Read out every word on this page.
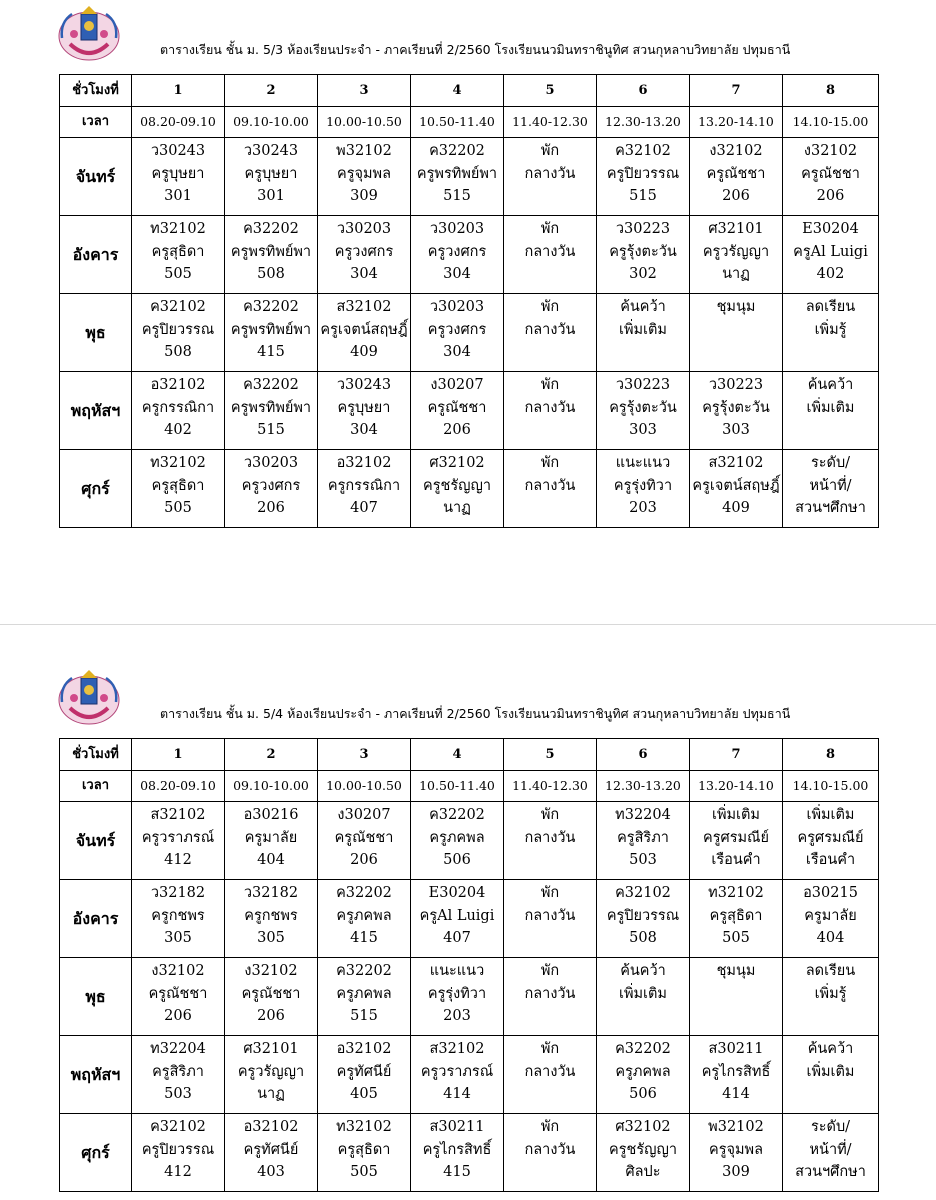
ตารางเรียน ชั้น ม. 5/3 ห้องเรียนประจำ - ภาคเรียนที่ 2/2560 โรงเรียนนวมินทราชินูทิศ สวนกุหลาบวิทยาลัย ปทุมธานี
ชั่วโมงที่	1	2	3	4	5	6	7	8
เวลา	08.20-09.10	09.10-10.00	10.00-10.50	10.50-11.40	11.40-12.30	12.30-13.20	13.20-14.10	14.10-15.00
จันทร์	ว30243
ครูบุษยา
301	ว30243
ครูบุษยา
301	พ32102
ครูจุมพล
309	ค32202
ครูพรทิพย์พา
515	พัก
กลางวัน	ค32102
ครูปิยวรรณ
515	ง32102
ครูณัชชา
206	ง32102
ครูณัชชา
206

อังคาร	ท32102
ครูสุธิดา
505	ค32202
ครูพรทิพย์พา
508	ว30203
ครูวงศกร
304	ว30203
ครูวงศกร
304	พัก
กลางวัน	ว30223
ครูรุ้งตะวัน
302	ศ32101
ครูวรัญญา
นาฏ	E30204
ครูAl Luigi
402

พุธ	ค32102
ครูปิยวรรณ
508	ค32202
ครูพรทิพย์พา
415	ส32102
ครูเจตน์สฤษฎิ์
409	ว30203
ครูวงศกร
304	พัก
กลางวัน	ค้นคว้า
เพิ่มเติม	ชุมนุม	ลดเรียน
เพิ่มรู้

พฤหัสฯ	อ32102
ครูกรรณิกา
402	ค32202
ครูพรทิพย์พา
515	ว30243
ครูบุษยา
304	ง30207
ครูณัชชา
206	พัก
กลางวัน	ว30223
ครูรุ้งตะวัน
303	ว30223
ครูรุ้งตะวัน
303	ค้นคว้า
เพิ่มเติม

ศุกร์	ท32102
ครูสุธิดา
505	ว30203
ครูวงศกร
206	อ32102
ครูกรรณิกา
407	ศ32102
ครูชรัญญา
นาฏ	พัก
กลางวัน	แนะแนว
ครูรุ่งทิวา
203	ส32102
ครูเจตน์สฤษฎิ์
409	ระดับ/
หน้าที่/
สวนฯศึกษา
ตารางเรียน ชั้น ม. 5/4 ห้องเรียนประจำ - ภาคเรียนที่ 2/2560 โรงเรียนนวมินทราชินูทิศ สวนกุหลาบวิทยาลัย ปทุมธานี
ชั่วโมงที่	1	2	3	4	5	6	7	8
เวลา	08.20-09.10	09.10-10.00	10.00-10.50	10.50-11.40	11.40-12.30	12.30-13.20	13.20-14.10	14.10-15.00
จันทร์	ส32102
ครูวราภรณ์
412	อ30216
ครูมาลัย
404	ง30207
ครูณัชชา
206	ค32202
ครูภคพล
506	พัก
กลางวัน	ท32204
ครูสิริภา
503	เพิ่มเติม
ครูศรมณีย์
เรือนคำ	เพิ่มเติม
ครูศรมณีย์
เรือนคำ

อังคาร	ว32182
ครูกชพร
305	ว32182
ครูกชพร
305	ค32202
ครูภคพล
415	E30204
ครูAl Luigi
407	พัก
กลางวัน	ค32102
ครูปิยวรรณ
508	ท32102
ครูสุธิดา
505	อ30215
ครูมาลัย
404

พุธ	ง32102
ครูณัชชา
206	ง32102
ครูณัชชา
206	ค32202
ครูภคพล
515	แนะแนว
ครูรุ่งทิวา
203	พัก
กลางวัน	ค้นคว้า
เพิ่มเติม	ชุมนุม	ลดเรียน
เพิ่มรู้

พฤหัสฯ	ท32204
ครูสิริภา
503	ศ32101
ครูวรัญญา
นาฏ	อ32102
ครูทัศนีย์
405	ส32102
ครูวราภรณ์
414	พัก
กลางวัน	ค32202
ครูภคพล
506	ส30211
ครูไกรสิทธิ์
414	ค้นคว้า
เพิ่มเติม

ศุกร์	ค32102
ครูปิยวรรณ
412	อ32102
ครูทัศนีย์
403	ท32102
ครูสุธิดา
505	ส30211
ครูไกรสิทธิ์
415	พัก
กลางวัน	ศ32102
ครูชรัญญา
ศิลปะ	พ32102
ครูจุมพล
309	ระดับ/
หน้าที่/
สวนฯศึกษา
